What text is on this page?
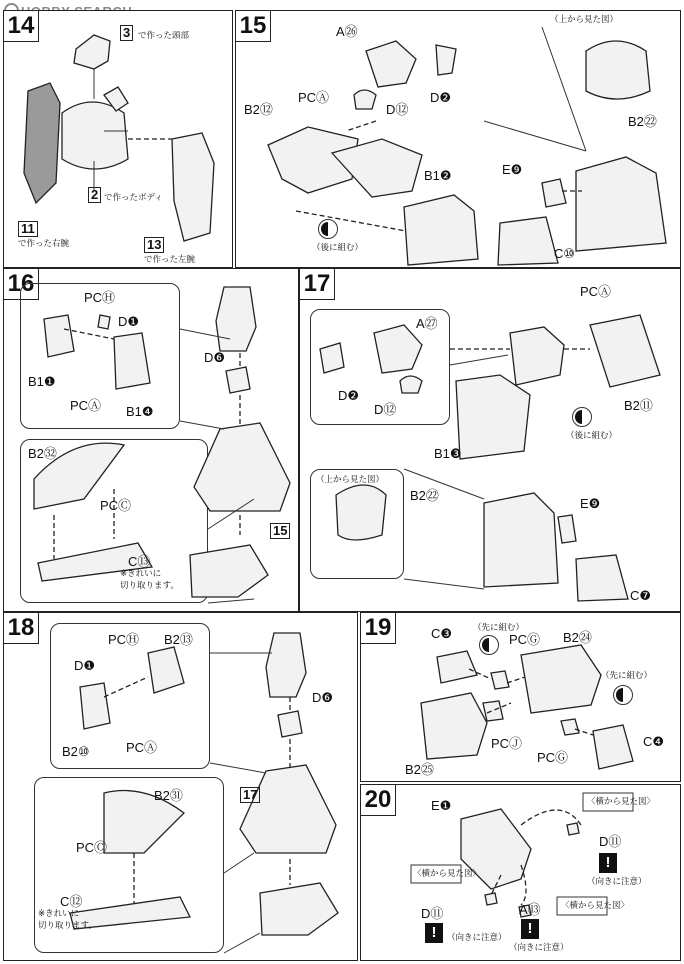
14	3 で作った頭部
2 で作ったボディ
11
で作った右腕	13
で作った左腕
15	A㉖
D❷
D⑫
PCⒶ
B2⑫
B1❷
（後に組む）
（上から見た図）
B2㉒
E❾
C⑩
16
PCⒽ
D❶
B1❶
PCⒶ B1❹
D❻
B2㉜
PCⒸ
C⑬
※きれいに
切り取ります。
15
17	PCⒶ
A㉗
D❷
D⑫
B1❸
（後に組む）
B2⑪
（上から見た図）
B2㉒
E❾
C❼
18	PCⒽ B2⑬
D❶
B2⑩	PCⒶ
D❻
B2㉛
PCⒸ
C⑫
※きれいに
切り取ります。
17
19	C❸ （先に組む）
PCⒼ B2㉔
（先に組む）
PCⒿ
PCⒼ
C❹
B2㉕
20	E❶	〈横から見た図〉
D⑪
!
（向きに注意）
〈横から見た図〉
D⑪
!	（向きに注意）
A⑬
!
（向きに注意）
〈横から見た図〉
